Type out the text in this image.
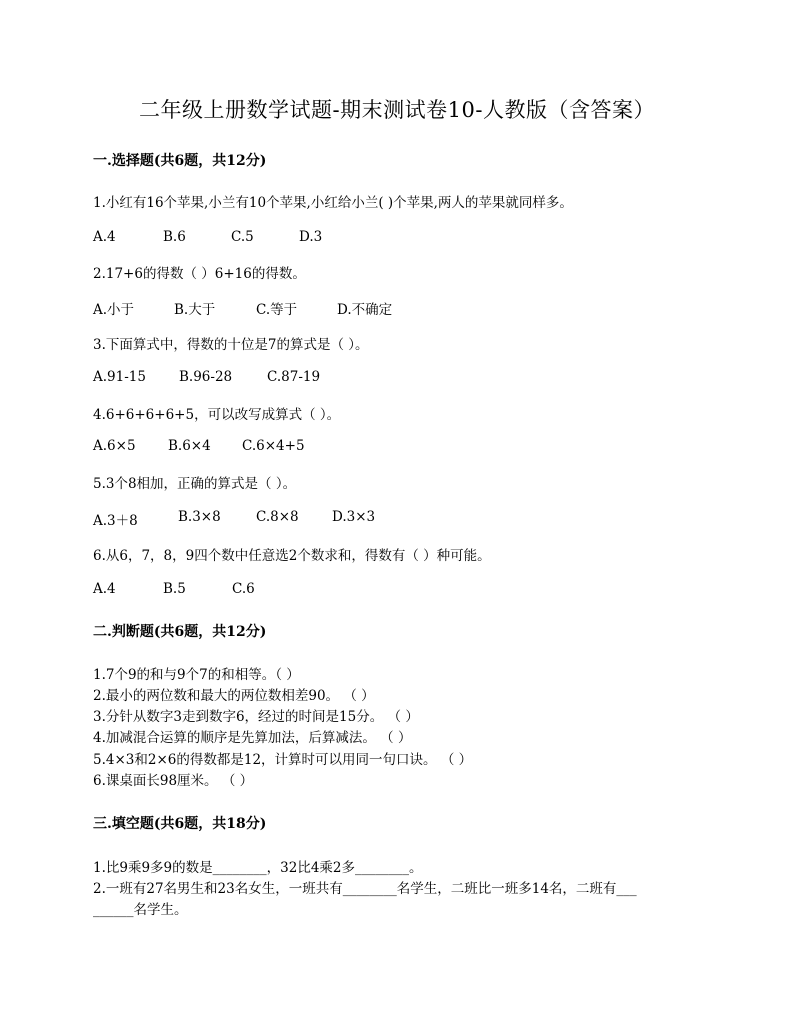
二年级上册数学试题-期末测试卷10-人教版（含答案）
一.选择题(共6题，共12分)
1.小红有16个苹果,小兰有10个苹果,小红给小兰( )个苹果,两人的苹果就同样多。
A.4	B.6	C.5	D.3
2.17+6的得数（ ）6+16的得数。
A.小于	B.大于	C.等于	D.不确定
3.下面算式中，得数的十位是7的算式是（ ）。
A.91-15	B.96-28	C.87-19
4.6+6+6+6+5，可以改写成算式（ ）。
A.6×5	B.6×4	C.6×4+5
5.3个8相加，正确的算式是（ ）。
A.3＋8	B.3×8	C.8×8	D.3×3
6.从6，7，8，9四个数中任意选2个数求和，得数有（ ）种可能。
A.4	B.5	C.6
二.判断题(共6题，共12分)
1.7个9的和与9个7的和相等。（ ）
2.最小的两位数和最大的两位数相差90。 （ ）
3.分针从数字3走到数字6，经过的时间是15分。 （ ）
4.加减混合运算的顺序是先算加法，后算减法。 （ ）
5.4×3和2×6的得数都是12，计算时可以用同一句口诀。 （ ）
6.课桌面长98厘米。 （ ）
三.填空题(共6题，共18分)
1.比9乘9多9的数是________，32比4乘2多________。
2.一班有27名男生和23名女生，一班共有________名学生，二班比一班多14名，二班有___
______名学生。
